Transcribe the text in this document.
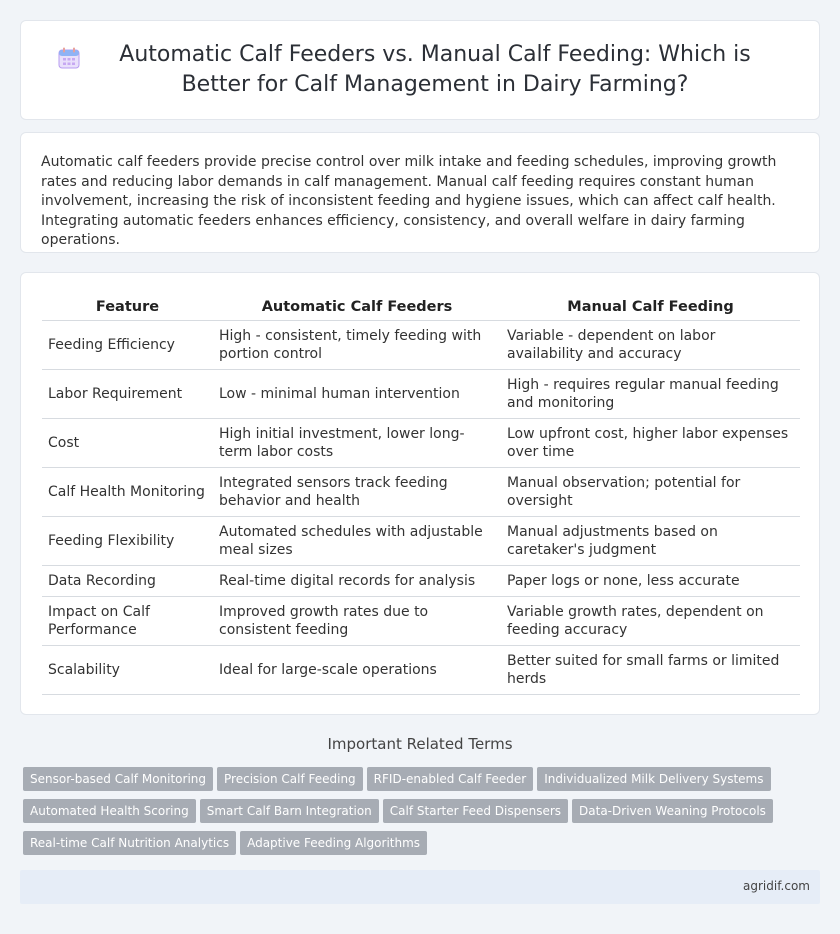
Automatic Calf Feeders vs. Manual Calf Feeding: Which is Better for Calf Management in Dairy Farming?

Automatic calf feeders provide precise control over milk intake and feeding schedules, improving growth rates and reducing labor demands in calf management. Manual calf feeding requires constant human involvement, increasing the risk of inconsistent feeding and hygiene issues, which can affect calf health. Integrating automatic feeders enhances efficiency, consistency, and overall welfare in dairy farming operations.

Feature	Automatic Calf Feeders	Manual Calf Feeding
Feeding Efficiency	High - consistent, timely feeding with portion control	Variable - dependent on labor availability and accuracy
Labor Requirement	Low - minimal human intervention	High - requires regular manual feeding and monitoring
Cost	High initial investment, lower long-term labor costs	Low upfront cost, higher labor expenses over time
Calf Health Monitoring	Integrated sensors track feeding behavior and health	Manual observation; potential for oversight
Feeding Flexibility	Automated schedules with adjustable meal sizes	Manual adjustments based on caretaker's judgment
Data Recording	Real-time digital records for analysis	Paper logs or none, less accurate
Impact on Calf Performance	Improved growth rates due to consistent feeding	Variable growth rates, dependent on feeding accuracy
Scalability	Ideal for large-scale operations	Better suited for small farms or limited herds
Important Related Terms
Sensor-based Calf Monitoring Precision Calf Feeding RFID-enabled Calf Feeder Individualized Milk Delivery Systems
Automated Health Scoring Smart Calf Barn Integration Calf Starter Feed Dispensers Data-Driven Weaning Protocols
Real-time Calf Nutrition Analytics Adaptive Feeding Algorithms
agridif.com
